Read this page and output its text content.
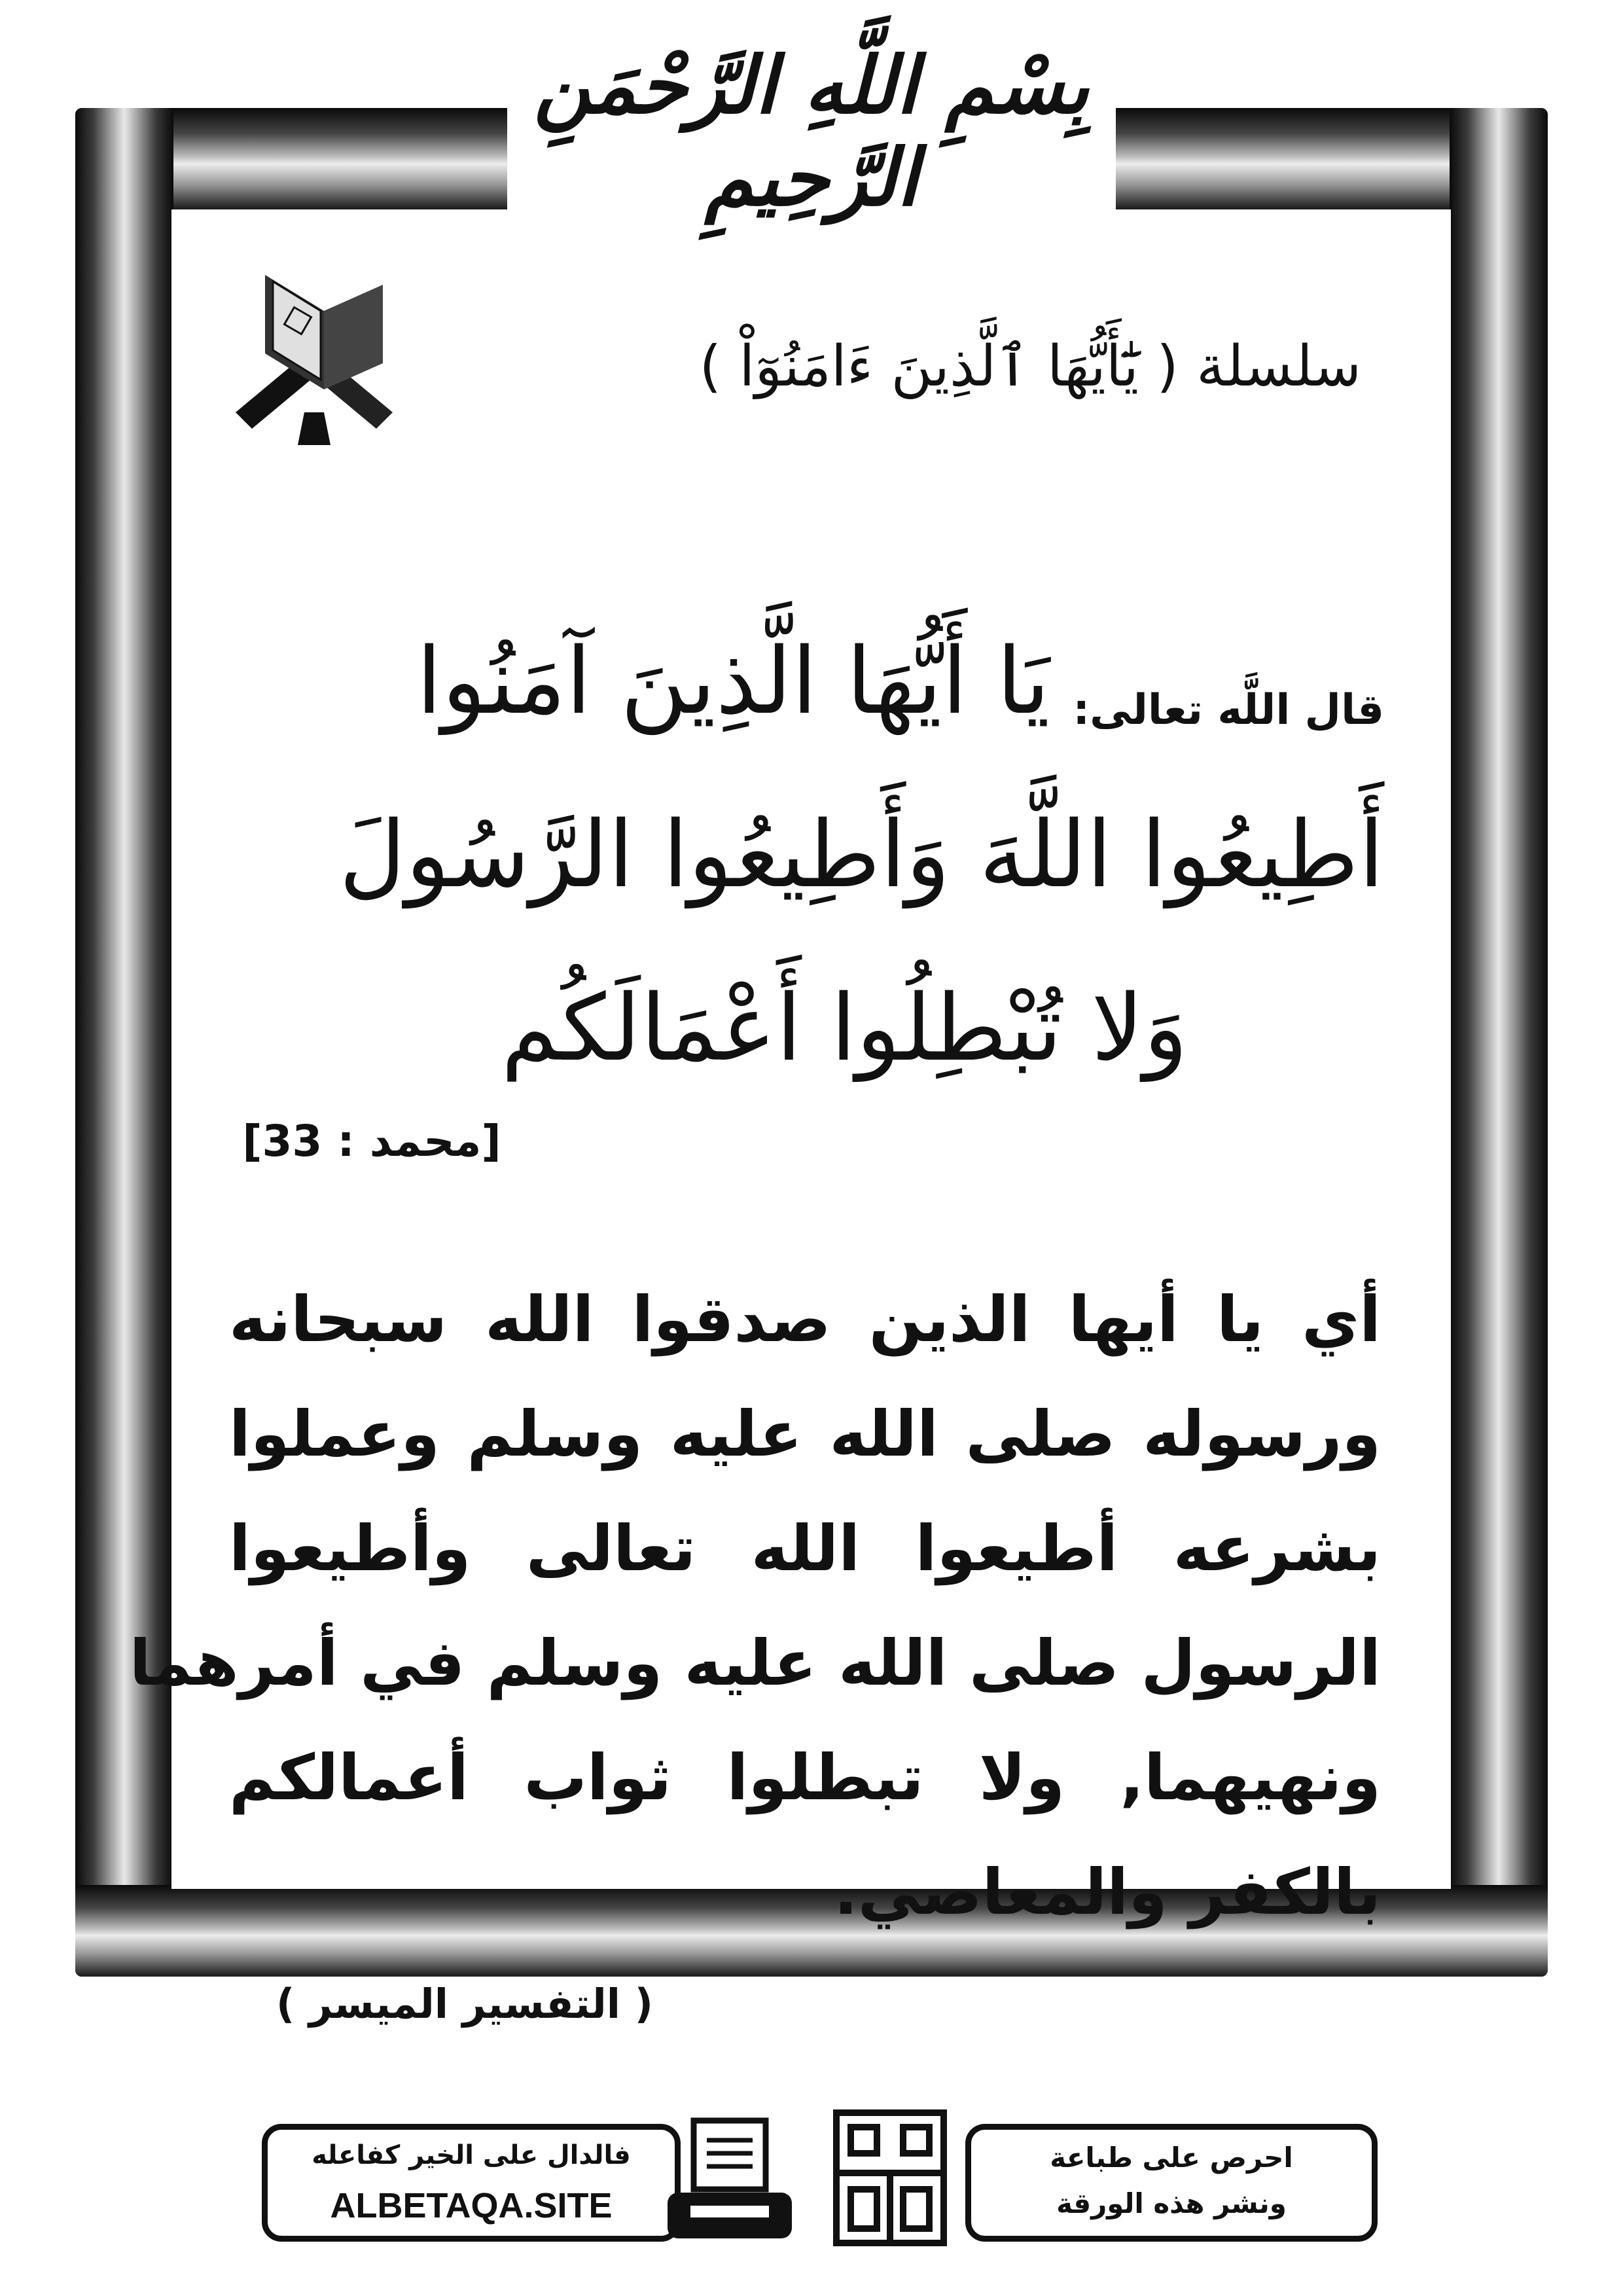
بِسْمِ اللَّهِ الرَّحْمَنِ الرَّحِيمِ
سلسلة ( يَٰٓأَيُّهَا ٱلَّذِينَ ءَامَنُوٓاْ )
قال اللَّه تعالى: يَا أَيُّهَا الَّذِينَ آمَنُوا
أَطِيعُوا اللَّهَ وَأَطِيعُوا الرَّسُولَ
وَلا تُبْطِلُوا أَعْمَالَكُم
[محمد : 33]
أي يا أيها الذين صدقوا الله سبحانه
ورسوله صلى الله عليه وسلم وعملوا
بشرعه أطيعوا الله تعالى وأطيعوا
الرسول صلى الله عليه وسلم في أمرهما
ونهيهما, ولا تبطلوا ثواب أعمالكم
بالكفر والمعاصي.
( التفسير الميسر )
فالدال على الخير كفاعله
ALBETAQA.SITE
احرص على طباعة
ونشر هذه الورقة
